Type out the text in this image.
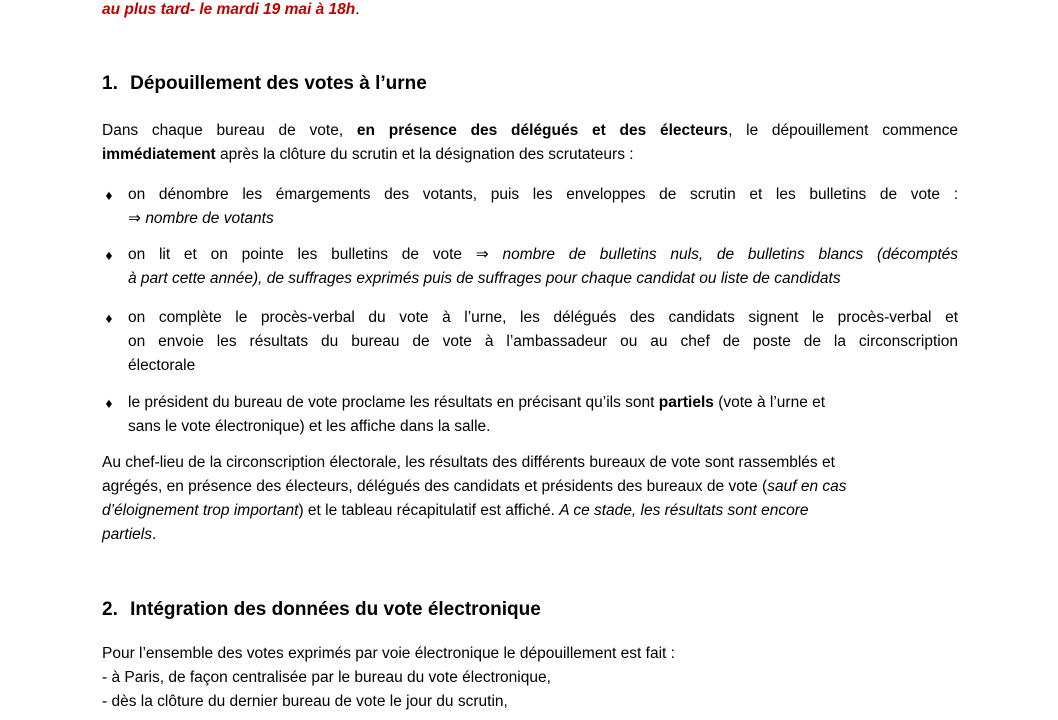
au plus tard- le mardi 19 mai à 18h.
1. Dépouillement des votes à l’urne
Dans chaque bureau de vote, en présence des délégués et des électeurs, le dépouillement commence
immédiatement après la clôture du scrutin et la désignation des scrutateurs :
♦ on dénombre les émargements des votants, puis les enveloppes de scrutin et les bulletins de vote :
⇒ nombre de votants
♦ on lit et on pointe les bulletins de vote ⇒ nombre de bulletins nuls, de bulletins blancs (décomptés
à part cette année), de suffrages exprimés puis de suffrages pour chaque candidat ou liste de candidats
♦ on complète le procès-verbal du vote à l’urne, les délégués des candidats signent le procès-verbal et
on envoie les résultats du bureau de vote à l’ambassadeur ou au chef de poste de la circonscription
électorale
♦ le président du bureau de vote proclame les résultats en précisant qu’ils sont partiels (vote à l’urne et
sans le vote électronique) et les affiche dans la salle.
Au chef-lieu de la circonscription électorale, les résultats des différents bureaux de vote sont rassemblés et
agrégés, en présence des électeurs, délégués des candidats et présidents des bureaux de vote (sauf en cas
d’éloignement trop important) et le tableau récapitulatif est affiché. A ce stade, les résultats sont encore
partiels.
2. Intégration des données du vote électronique
Pour l’ensemble des votes exprimés par voie électronique le dépouillement est fait :
- à Paris, de façon centralisée par le bureau du vote électronique,
- dès la clôture du dernier bureau de vote le jour du scrutin,
